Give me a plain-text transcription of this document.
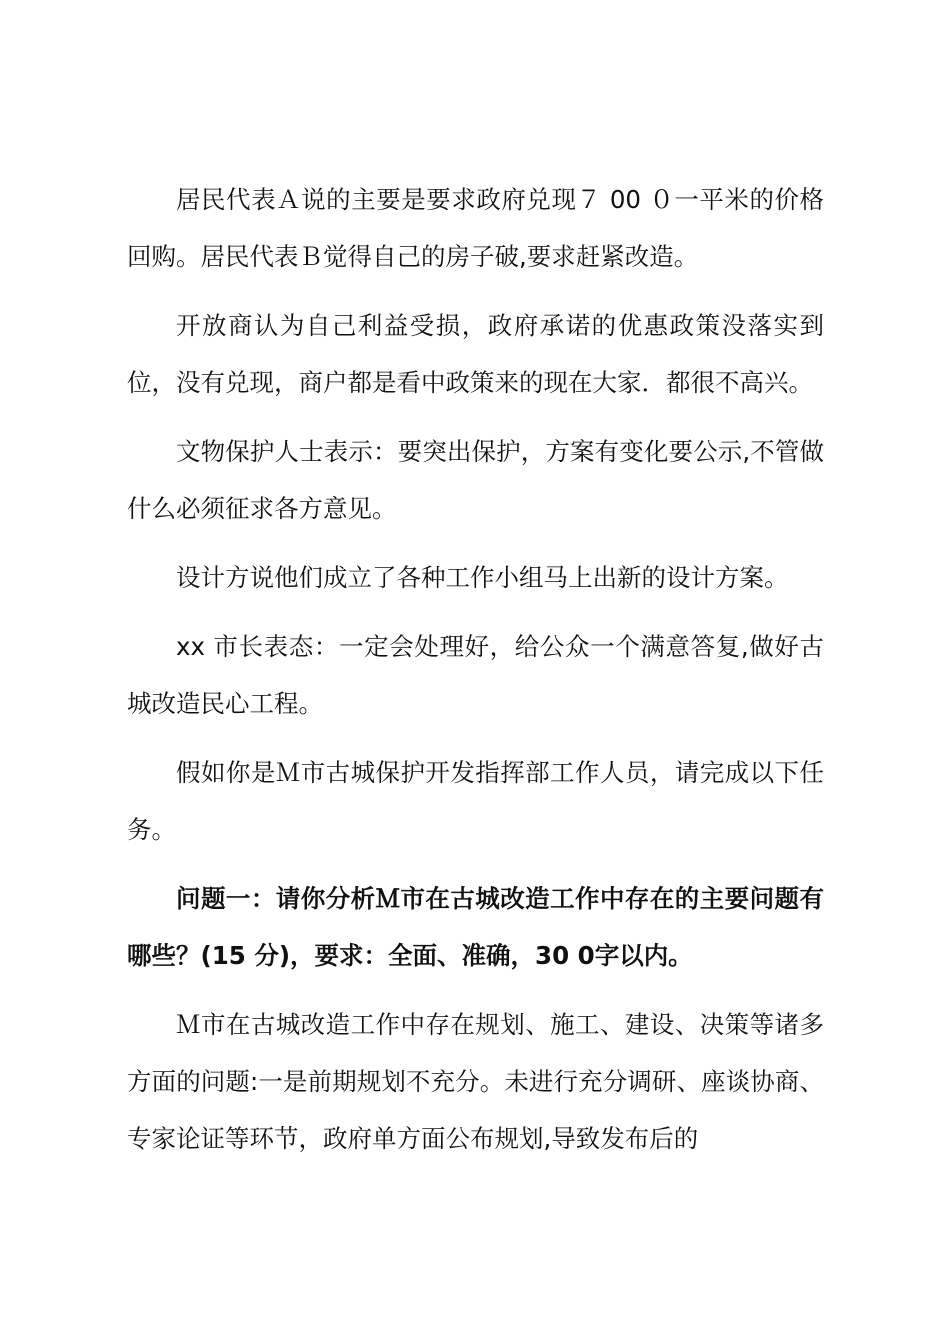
居民代表Ａ说的主要是要求政府兑现７ 00 ０一平米的价格回购。居民代表Ｂ觉得自己的房子破,要求赶紧改造。

开放商认为自己利益受损，政府承诺的优惠政策没落实到位，没有兑现，商户都是看中政策来的现在大家．都很不高兴。

文物保护人士表示：要突出保护，方案有变化要公示,不管做什么必须征求各方意见。

设计方说他们成立了各种工作小组马上出新的设计方案。

xx 市长表态：一定会处理好，给公众一个满意答复,做好古城改造民心工程。

假如你是Ｍ市古城保护开发指挥部工作人员，请完成以下任务。

问题一：请你分析Ｍ市在古城改造工作中存在的主要问题有哪些？(15 分)，要求：全面、准确，30 0字以内。

Ｍ市在古城改造工作中存在规划、施工、建设、决策等诸多方面的问题:一是前期规划不充分。未进行充分调研、座谈协商、专家论证等环节，政府单方面公布规划,导致发布后的
